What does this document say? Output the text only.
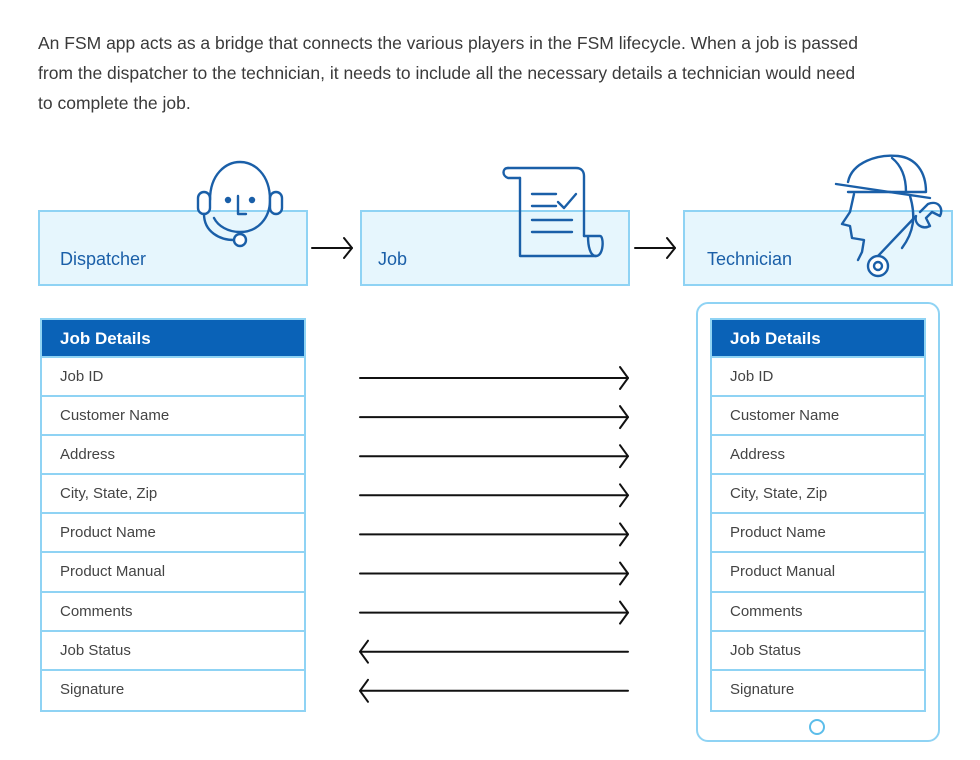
An FSM app acts as a bridge that connects the various players in the FSM lifecycle. When a job is passed
from the dispatcher to the technician, it needs to include all the necessary details a technician would need
to complete the job.

Dispatcher	Job	Technician
Job Details
Job ID
Customer Name
Address
City, State, Zip
Product Name
Product Manual
Comments
Job Status
Signature
Job Details
Job ID
Customer Name
Address
City, State, Zip
Product Name
Product Manual
Comments
Job Status
Signature
